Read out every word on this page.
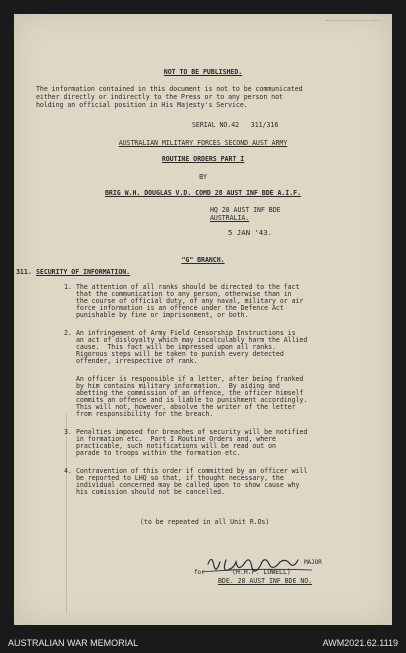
NOT TO BE PUBLISHED.
The information contained in this document is not to be communicated
either directly or indirectly to the Press or to any person not
holding an official position in His Majesty's Service.
SERIAL NO.42   311/316
AUSTRALIAN MILITARY FORCES SECOND AUST ARMY
ROUTINE ORDERS PART I
BY
BRIG W.H. DOUGLAS V.D. COMD 28 AUST INF BDE A.I.F.
HQ 28 AUST INF BDE
AUSTRALIA.
5 JAN '43.
"G" BRANCH.
311. SECURITY OF INFORMATION.
1. The attention of all ranks should be directed to the fact
that the communication to any person, otherwise than in
the course of official duty, of any naval, military or air
force information is an offence under the Defence Act
punishable by fine or imprisonment, or both.
2. An infringement of Army Field Censorship Instructions is
an act of disloyalty which may incalculably harm the Allied
cause.  This fact will be impressed upon all ranks.
Rigorous steps will be taken to punish every detected
offender, irrespective of rank.
An officer is responsible if a letter, after being franked
by him contains military information.  By aiding and
abetting the commission of an offence, the officer himself
commits an offence and is liable to punishment accordingly.
This will not, however, absolve the writer of the letter
from responsibility for the breach.
3. Penalties imposed for breaches of security will be notified
in formation etc.  Part I Routine Orders and, where
practicable, such notifications will be read out on
parade to troops within the formation etc.
4. Contravention of this order if committed by an officer will
be reported to LHQ so that, if thought necessary, the
individual concerned may be called upon to show cause why
his comission should not be cancelled.
(to be repeated in all Unit R.Os)
MAJOR
for	(H.H.F. LOWELL)
BDE. 28 AUST INF BDE NO.
AUSTRALIAN WAR MEMORIAL	AWM2021.62.1119
